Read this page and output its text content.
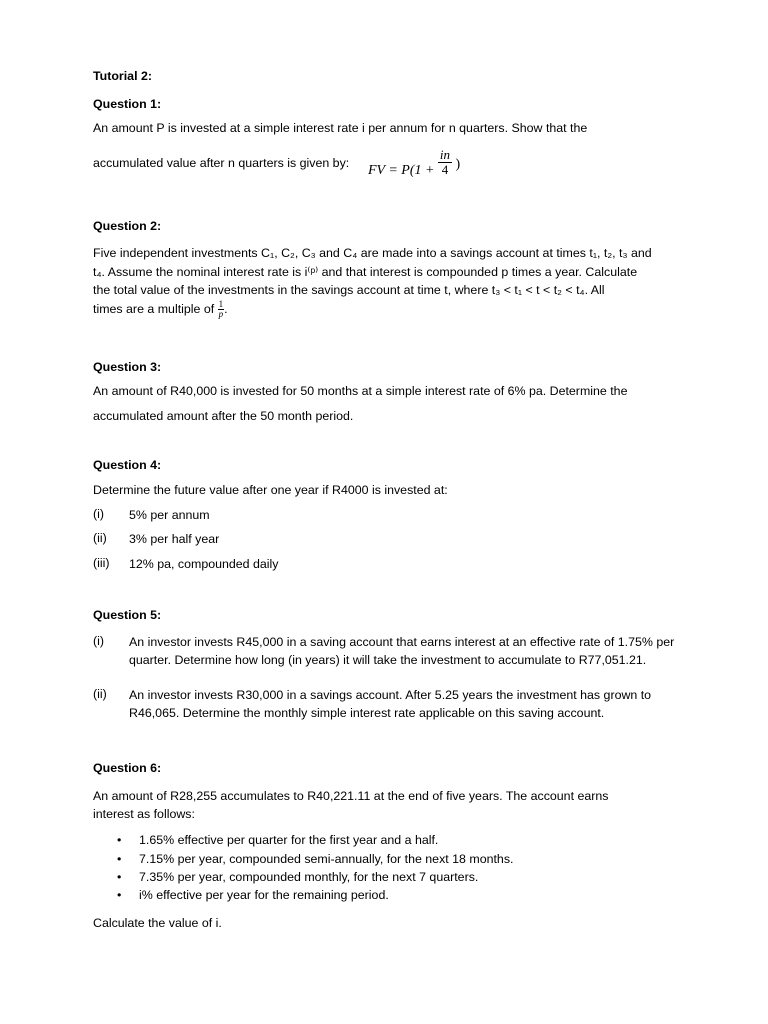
Tutorial 2:
Question 1:
An amount P is invested at a simple interest rate i per annum for n quarters. Show that the
accumulated value after n quarters is given by: FV = $P(1 + \frac{in}{4}$ )
Question 2:
Five independent investments C₁, C₂, C₃ and C₄ are made into a savings account at times t₁, t₂, t₃ and
t₄. Assume the nominal interest rate is i⁽ᵖ⁾ and that interest is compounded p times a year. Calculate
the total value of the investments in the savings account at time t, where t₃ < t₁ < t < t₂ < t₄. All
times are a multiple of $\frac{1}{p}$.
Question 3:
An amount of R40,000 is invested for 50 months at a simple interest rate of 6% pa. Determine the
accumulated amount after the 50 month period.
Question 4:
Determine the future value after one year if R4000 is invested at:
(i) 5% per annum
(ii) 3% per half year
(iii) 12% pa, compounded daily
Question 5:
(i) An investor invests R45,000 in a saving account that earns interest at an effective rate of 1.75% per quarter. Determine how long (in years) it will take the investment to accumulate to R77,051.21.
(ii) An investor invests R30,000 in a savings account. After 5.25 years the investment has grown to R46,065. Determine the monthly simple interest rate applicable on this saving account.
Question 6:
An amount of R28,255 accumulates to R40,221.11 at the end of five years. The account earns
interest as follows:
• 1.65% effective per quarter for the first year and a half.
• 7.15% per year, compounded semi-annually, for the next 18 months.
• 7.35% per year, compounded monthly, for the next 7 quarters.
• i% effective per year for the remaining period.
Calculate the value of i.
